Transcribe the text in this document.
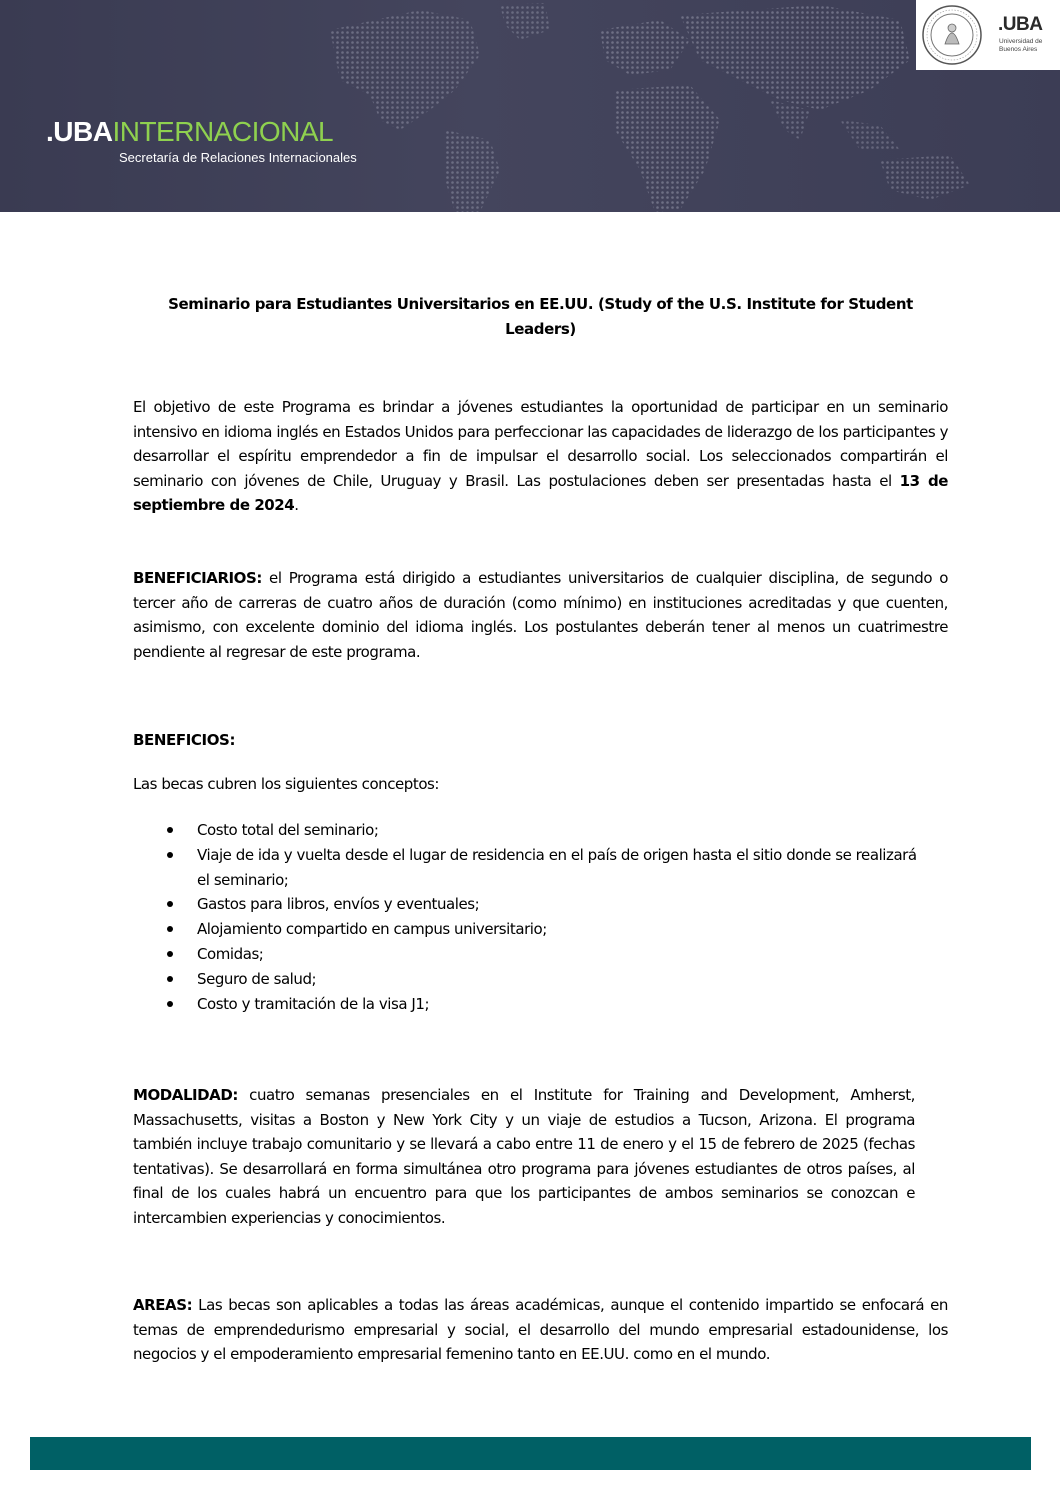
.UBAINTERNACIONAL
Secretaría de Relaciones Internacionales
.UBA
Universidad de Buenos Aires
Seminario para Estudiantes Universitarios en EE.UU. (Study of the U.S. Institute for Student Leaders)
El objetivo de este Programa es brindar a jóvenes estudiantes la oportunidad de participar en un seminario intensivo en idioma inglés en Estados Unidos para perfeccionar las capacidades de liderazgo de los participantes y desarrollar el espíritu emprendedor a fin de impulsar el desarrollo social. Los seleccionados compartirán el seminario con jóvenes de Chile, Uruguay y Brasil. Las postulaciones deben ser presentadas hasta el 13 de septiembre de 2024.
BENEFICIARIOS: el Programa está dirigido a estudiantes universitarios de cualquier disciplina, de segundo o tercer año de carreras de cuatro años de duración (como mínimo) en instituciones acreditadas y que cuenten, asimismo, con excelente dominio del idioma inglés. Los postulantes deberán tener al menos un cuatrimestre pendiente al regresar de este programa.
BENEFICIOS:
Las becas cubren los siguientes conceptos:
Costo total del seminario;
Viaje de ida y vuelta desde el lugar de residencia en el país de origen hasta el sitio donde se realizará el seminario;
Gastos para libros, envíos y eventuales;
Alojamiento compartido en campus universitario;
Comidas;
Seguro de salud;
Costo y tramitación de la visa J1;
MODALIDAD: cuatro semanas presenciales en el Institute for Training and Development, Amherst, Massachusetts, visitas a Boston y New York City y un viaje de estudios a Tucson, Arizona. El programa también incluye trabajo comunitario y se llevará a cabo entre 11 de enero y el 15 de febrero de 2025 (fechas tentativas). Se desarrollará en forma simultánea otro programa para jóvenes estudiantes de otros países, al final de los cuales habrá un encuentro para que los participantes de ambos seminarios se conozcan e intercambien experiencias y conocimientos.
AREAS: Las becas son aplicables a todas las áreas académicas, aunque el contenido impartido se enfocará en temas de emprendedurismo empresarial y social, el desarrollo del mundo empresarial estadounidense, los negocios y el empoderamiento empresarial femenino tanto en EE.UU. como en el mundo.
